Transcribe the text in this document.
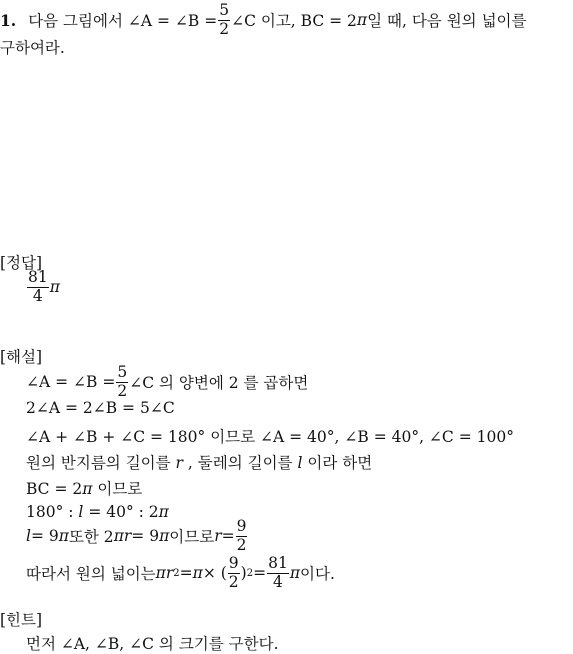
1. 다음 그림에서 ∠A = ∠B = $\frac{5}{2}$ ∠C 이고, BC = 2 π 일 때, 다음 원의 넓이를
구하여라.
[정답]
$\frac{81}{4}$ π
[해설]
∠A = ∠B = $\frac{5}{2}$ ∠C 의 양변에 2 를 곱하면
2∠A = 2∠B = 5∠C
∠A + ∠B + ∠C = 180° 이므로 ∠A = 40°, ∠B = 40°, ∠C = 100°
원의 반지름의 길이를 r , 둘레의 길이를 l 이라 하면
BC = 2π 이므로
180° : l = 40° : 2π
l = 9 π 또한 2 π r = 9 π 이므로 $r = \frac{9}{2}$
따라서 원의 넓이는 π r 2 = π × ( $\frac{9}{2}$ ) $2 = \frac{81}{4}$ π 이다.
[힌트]
먼저 ∠A, ∠B, ∠C 의 크기를 구한다.
